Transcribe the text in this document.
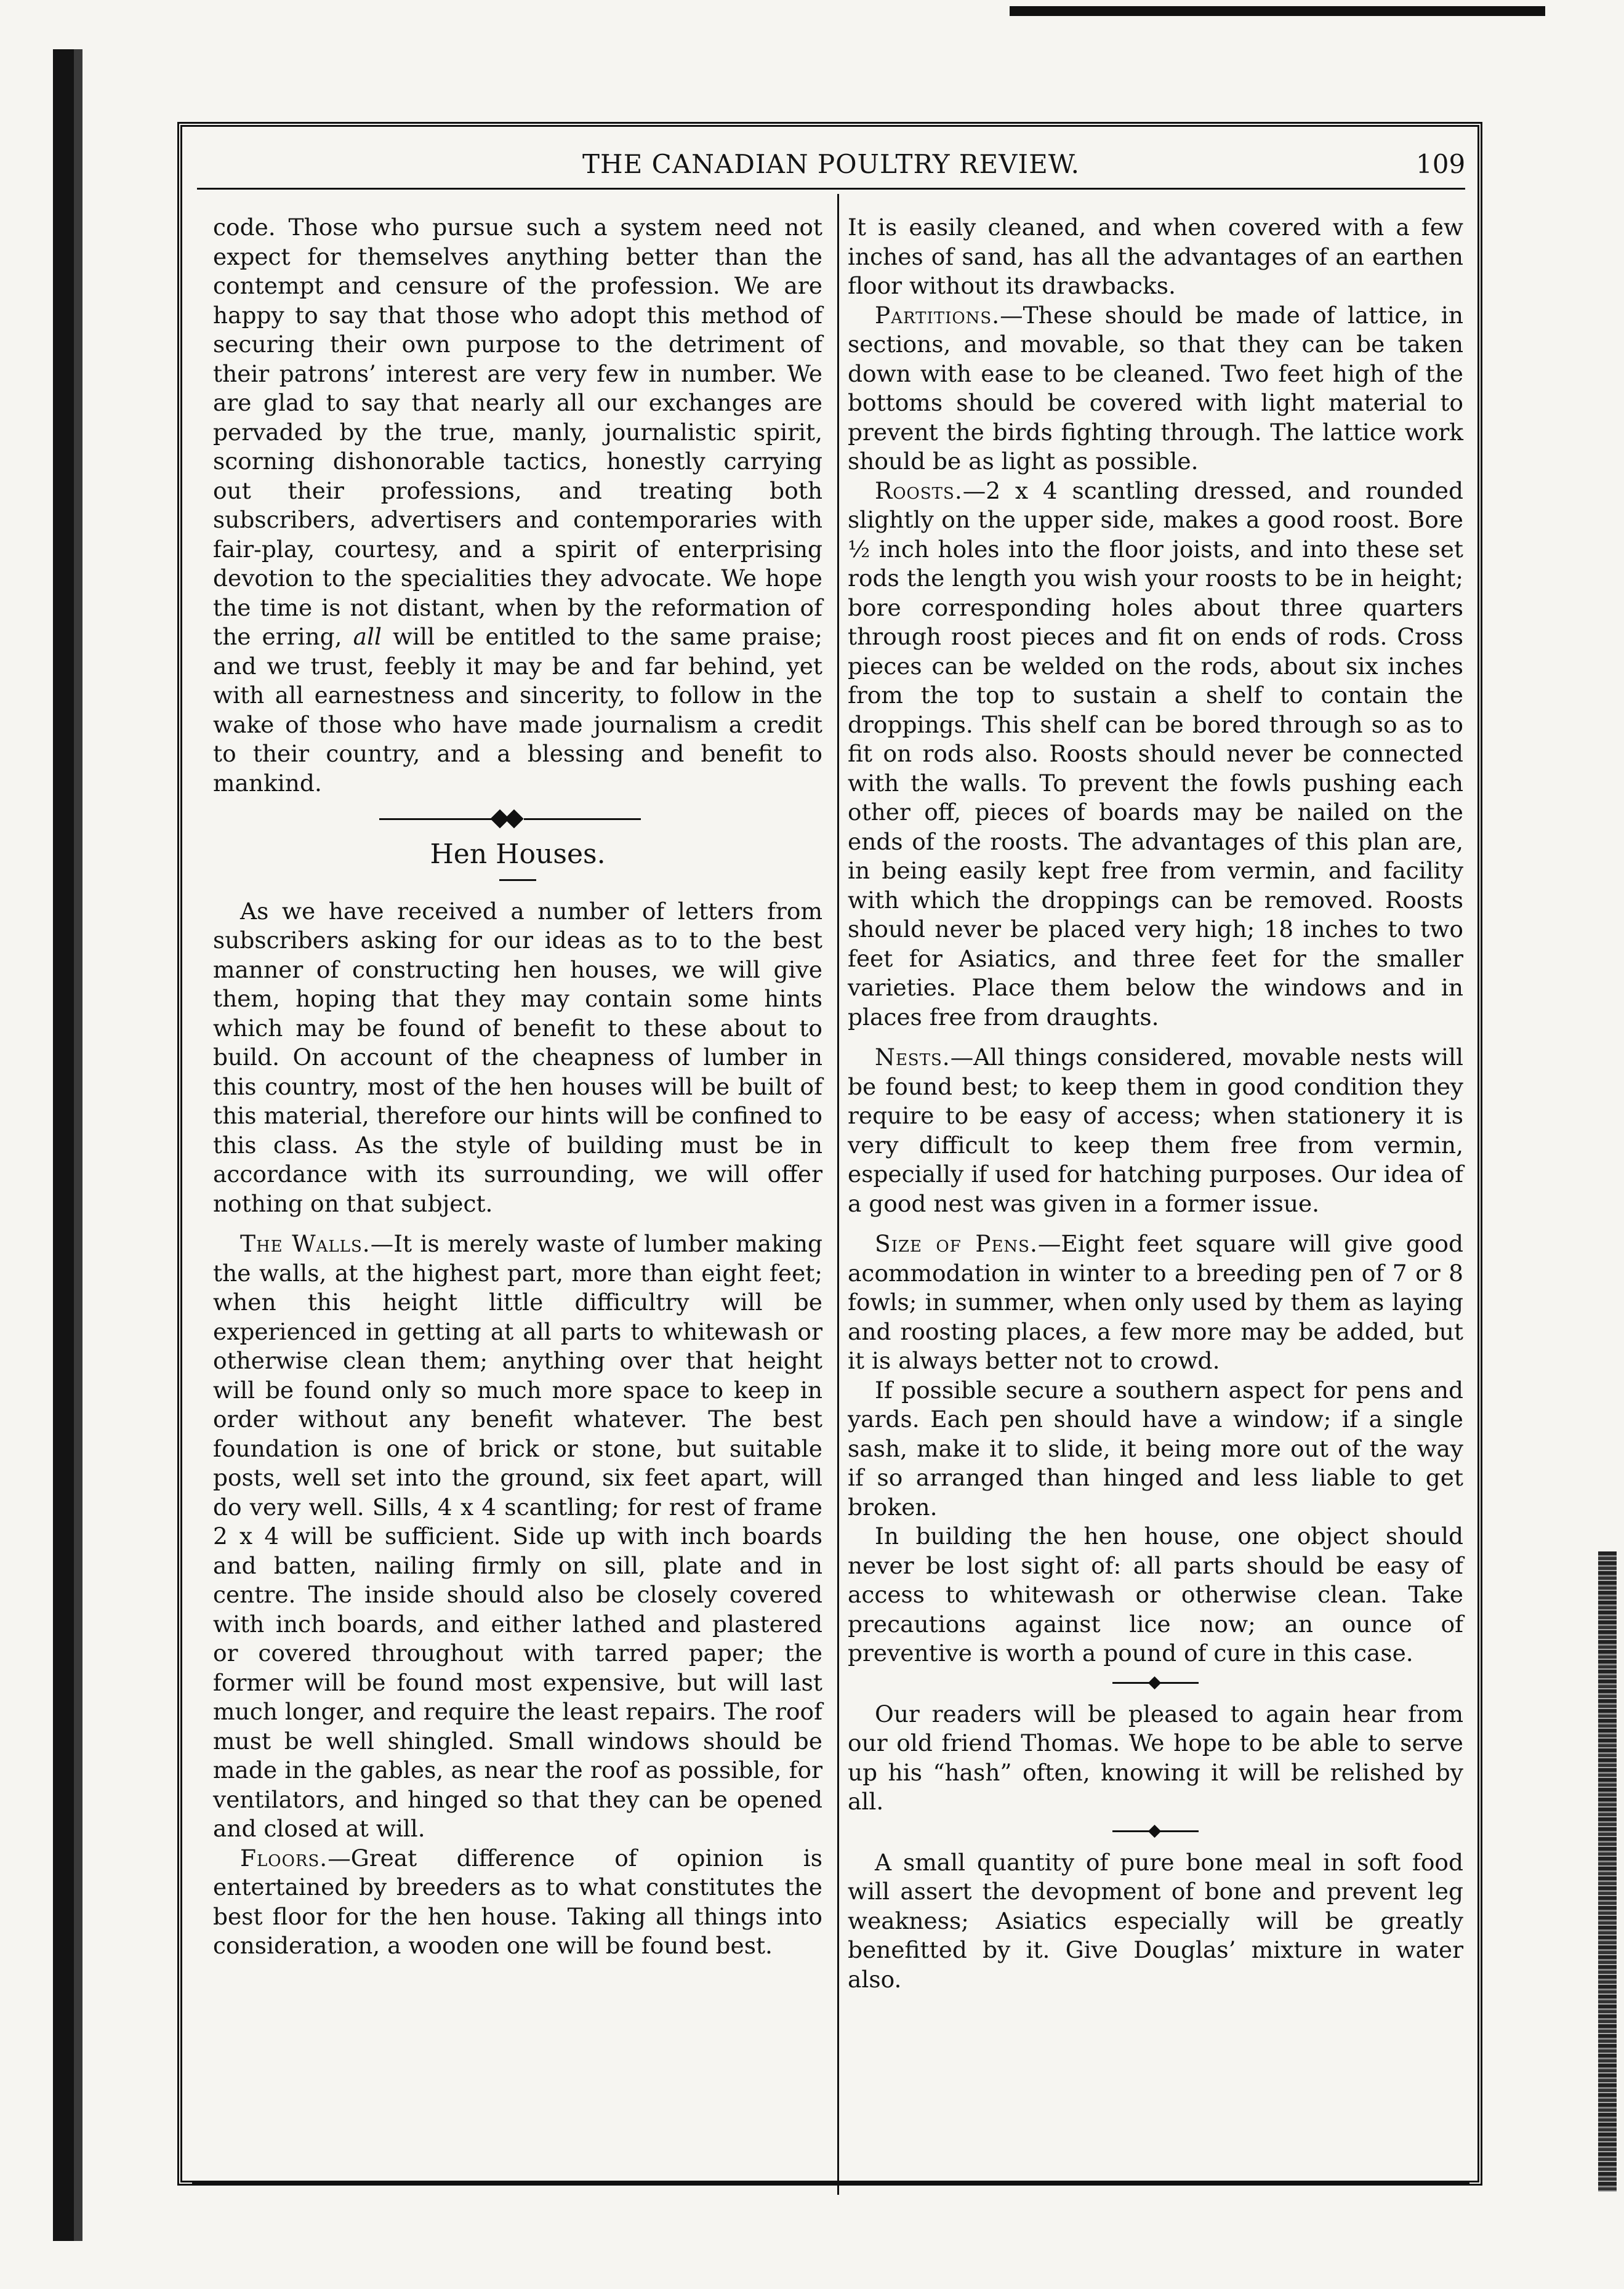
THE CANADIAN POULTRY REVIEW.	109

code. Those who pursue such a system need not expect for themselves anything better than the contempt and censure of the profession. We are happy to say that those who adopt this method of securing their own purpose to the detriment of their patrons’ interest are very few in number. We are glad to say that nearly all our exchanges are pervaded by the true, manly, journalistic spirit, scorning dishonorable tactics, honestly carrying out their professions, and treating both subscribers, advertisers and contemporaries with fair-play, courtesy, and a spirit of enterprising devotion to the specialities they advocate. We hope the time is not distant, when by the reformation of the erring, all will be entitled to the same praise; and we trust, feebly it may be and far behind, yet with all earnestness and sincerity, to follow in the wake of those who have made journalism a credit to their country, and a blessing and benefit to mankind.

Hen Houses.

As we have received a number of letters from subscribers asking for our ideas as to to the best manner of constructing hen houses, we will give them, hoping that they may contain some hints which may be found of benefit to these about to build. On account of the cheapness of lumber in this country, most of the hen houses will be built of this material, therefore our hints will be confined to this class. As the style of building must be in accordance with its surrounding, we will offer nothing on that subject.

The Walls.—It is merely waste of lumber making the walls, at the highest part, more than eight feet; when this height little difficultry will be experienced in getting at all parts to whitewash or otherwise clean them; anything over that height will be found only so much more space to keep in order without any benefit whatever. The best foundation is one of brick or stone, but suitable posts, well set into the ground, six feet apart, will do very well. Sills, 4 x 4 scantling; for rest of frame 2 x 4 will be sufficient. Side up with inch boards and batten, nailing firmly on sill, plate and in centre. The inside should also be closely covered with inch boards, and either lathed and plastered or covered throughout with tarred paper; the former will be found most expensive, but will last much longer, and require the least repairs. The roof must be well shingled. Small windows should be made in the gables, as near the roof as possible, for ventilators, and hinged so that they can be opened and closed at will.

Floors.—Great difference of opinion is entertained by breeders as to what constitutes the best floor for the hen house. Taking all things into consideration, a wooden one will be found best.

It is easily cleaned, and when covered with a few inches of sand, has all the advantages of an earthen floor without its drawbacks.

Partitions.—These should be made of lattice, in sections, and movable, so that they can be taken down with ease to be cleaned. Two feet high of the bottoms should be covered with light material to prevent the birds fighting through. The lattice work should be as light as possible.

Roosts.—2 x 4 scantling dressed, and rounded slightly on the upper side, makes a good roost. Bore ½ inch holes into the floor joists, and into these set rods the length you wish your roosts to be in height; bore corresponding holes about three quarters through roost pieces and fit on ends of rods. Cross pieces can be welded on the rods, about six inches from the top to sustain a shelf to contain the droppings. This shelf can be bored through so as to fit on rods also. Roosts should never be connected with the walls. To prevent the fowls pushing each other off, pieces of boards may be nailed on the ends of the roosts. The advantages of this plan are, in being easily kept free from vermin, and facility with which the droppings can be removed. Roosts should never be placed very high; 18 inches to two feet for Asiatics, and three feet for the smaller varieties. Place them below the windows and in places free from draughts.

Nests.—All things considered, movable nests will be found best; to keep them in good condition they require to be easy of access; when stationery it is very difficult to keep them free from vermin, especially if used for hatching purposes. Our idea of a good nest was given in a former issue.

Size of Pens.—Eight feet square will give good acommodation in winter to a breeding pen of 7 or 8 fowls; in summer, when only used by them as laying and roosting places, a few more may be added, but it is always better not to crowd.

If possible secure a southern aspect for pens and yards. Each pen should have a window; if a single sash, make it to slide, it being more out of the way if so arranged than hinged and less liable to get broken.

In building the hen house, one object should never be lost sight of: all parts should be easy of access to whitewash or otherwise clean. Take precautions against lice now; an ounce of preventive is worth a pound of cure in this case.

Our readers will be pleased to again hear from our old friend Thomas. We hope to be able to serve up his “hash” often, knowing it will be relished by all.

A small quantity of pure bone meal in soft food will assert the devopment of bone and prevent leg weakness; Asiatics especially will be greatly benefitted by it. Give Douglas’ mixture in water also.
